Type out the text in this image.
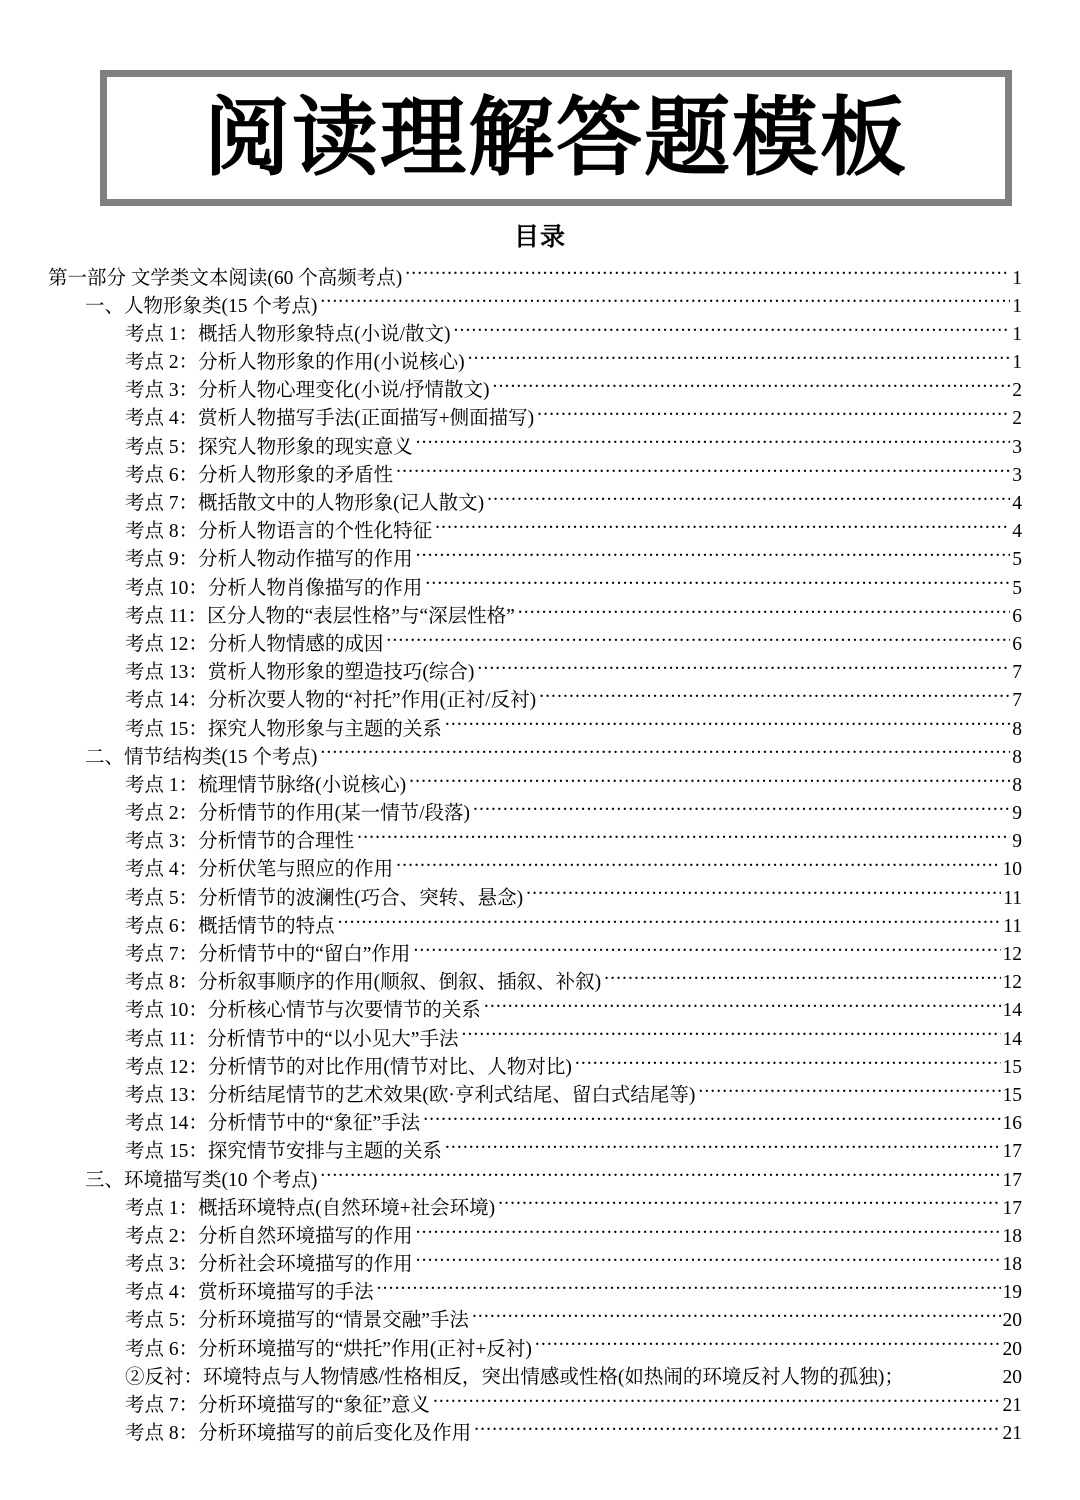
阅读理解答题模板
目录
第一部分 文学类文本阅读(60 个高频考点) .....	1
一、人物形象类(15 个考点) .....	1
考点 1：概括人物形象特点(小说/散文) .....	1
考点 2：分析人物形象的作用(小说核心) .....	1
考点 3：分析人物心理变化(小说/抒情散文) .....	2
考点 4：赏析人物描写手法(正面描写+侧面描写) .....	2
考点 5：探究人物形象的现实意义 .....	3
考点 6：分析人物形象的矛盾性 .....	3
考点 7：概括散文中的人物形象(记人散文) .....	4
考点 8：分析人物语言的个性化特征 .....	4
考点 9：分析人物动作描写的作用 .....	5
考点 10：分析人物肖像描写的作用 .....	5
考点 11：区分人物的“表层性格”与“深层性格” .....	6
考点 12：分析人物情感的成因 .....	6
考点 13：赏析人物形象的塑造技巧(综合) .....	7
考点 14：分析次要人物的“衬托”作用(正衬/反衬) .....	7
考点 15：探究人物形象与主题的关系 .....	8
二、情节结构类(15 个考点) .....	8
考点 1：梳理情节脉络(小说核心) .....	8
考点 2：分析情节的作用(某一情节/段落) .....	9
考点 3：分析情节的合理性 .....	9
考点 4：分析伏笔与照应的作用 .....	10
考点 5：分析情节的波澜性(巧合、突转、悬念) .....	11
考点 6：概括情节的特点 .....	11
考点 7：分析情节中的“留白”作用 .....	12
考点 8：分析叙事顺序的作用(顺叙、倒叙、插叙、补叙) .....	12
考点 10：分析核心情节与次要情节的关系 .....	14
考点 11：分析情节中的“以小见大”手法 .....	14
考点 12：分析情节的对比作用(情节对比、人物对比) .....	15
考点 13：分析结尾情节的艺术效果(欧·亨利式结尾、留白式结尾等) .....	15
考点 14：分析情节中的“象征”手法 .....	16
考点 15：探究情节安排与主题的关系 .....	17
三、环境描写类(10 个考点) .....	17
考点 1：概括环境特点(自然环境+社会环境) .....	17
考点 2：分析自然环境描写的作用 .....	18
考点 3：分析社会环境描写的作用 .....	18
考点 4：赏析环境描写的手法 .....	19
考点 5：分析环境描写的“情景交融”手法 .....	20
考点 6：分析环境描写的“烘托”作用(正衬+反衬) .....	20
②反衬：环境特点与人物情感/性格相反，突出情感或性格(如热闹的环境反衬人物的孤独)；	20
考点 7：分析环境描写的“象征”意义 .....	21
考点 8：分析环境描写的前后变化及作用 .....	21
